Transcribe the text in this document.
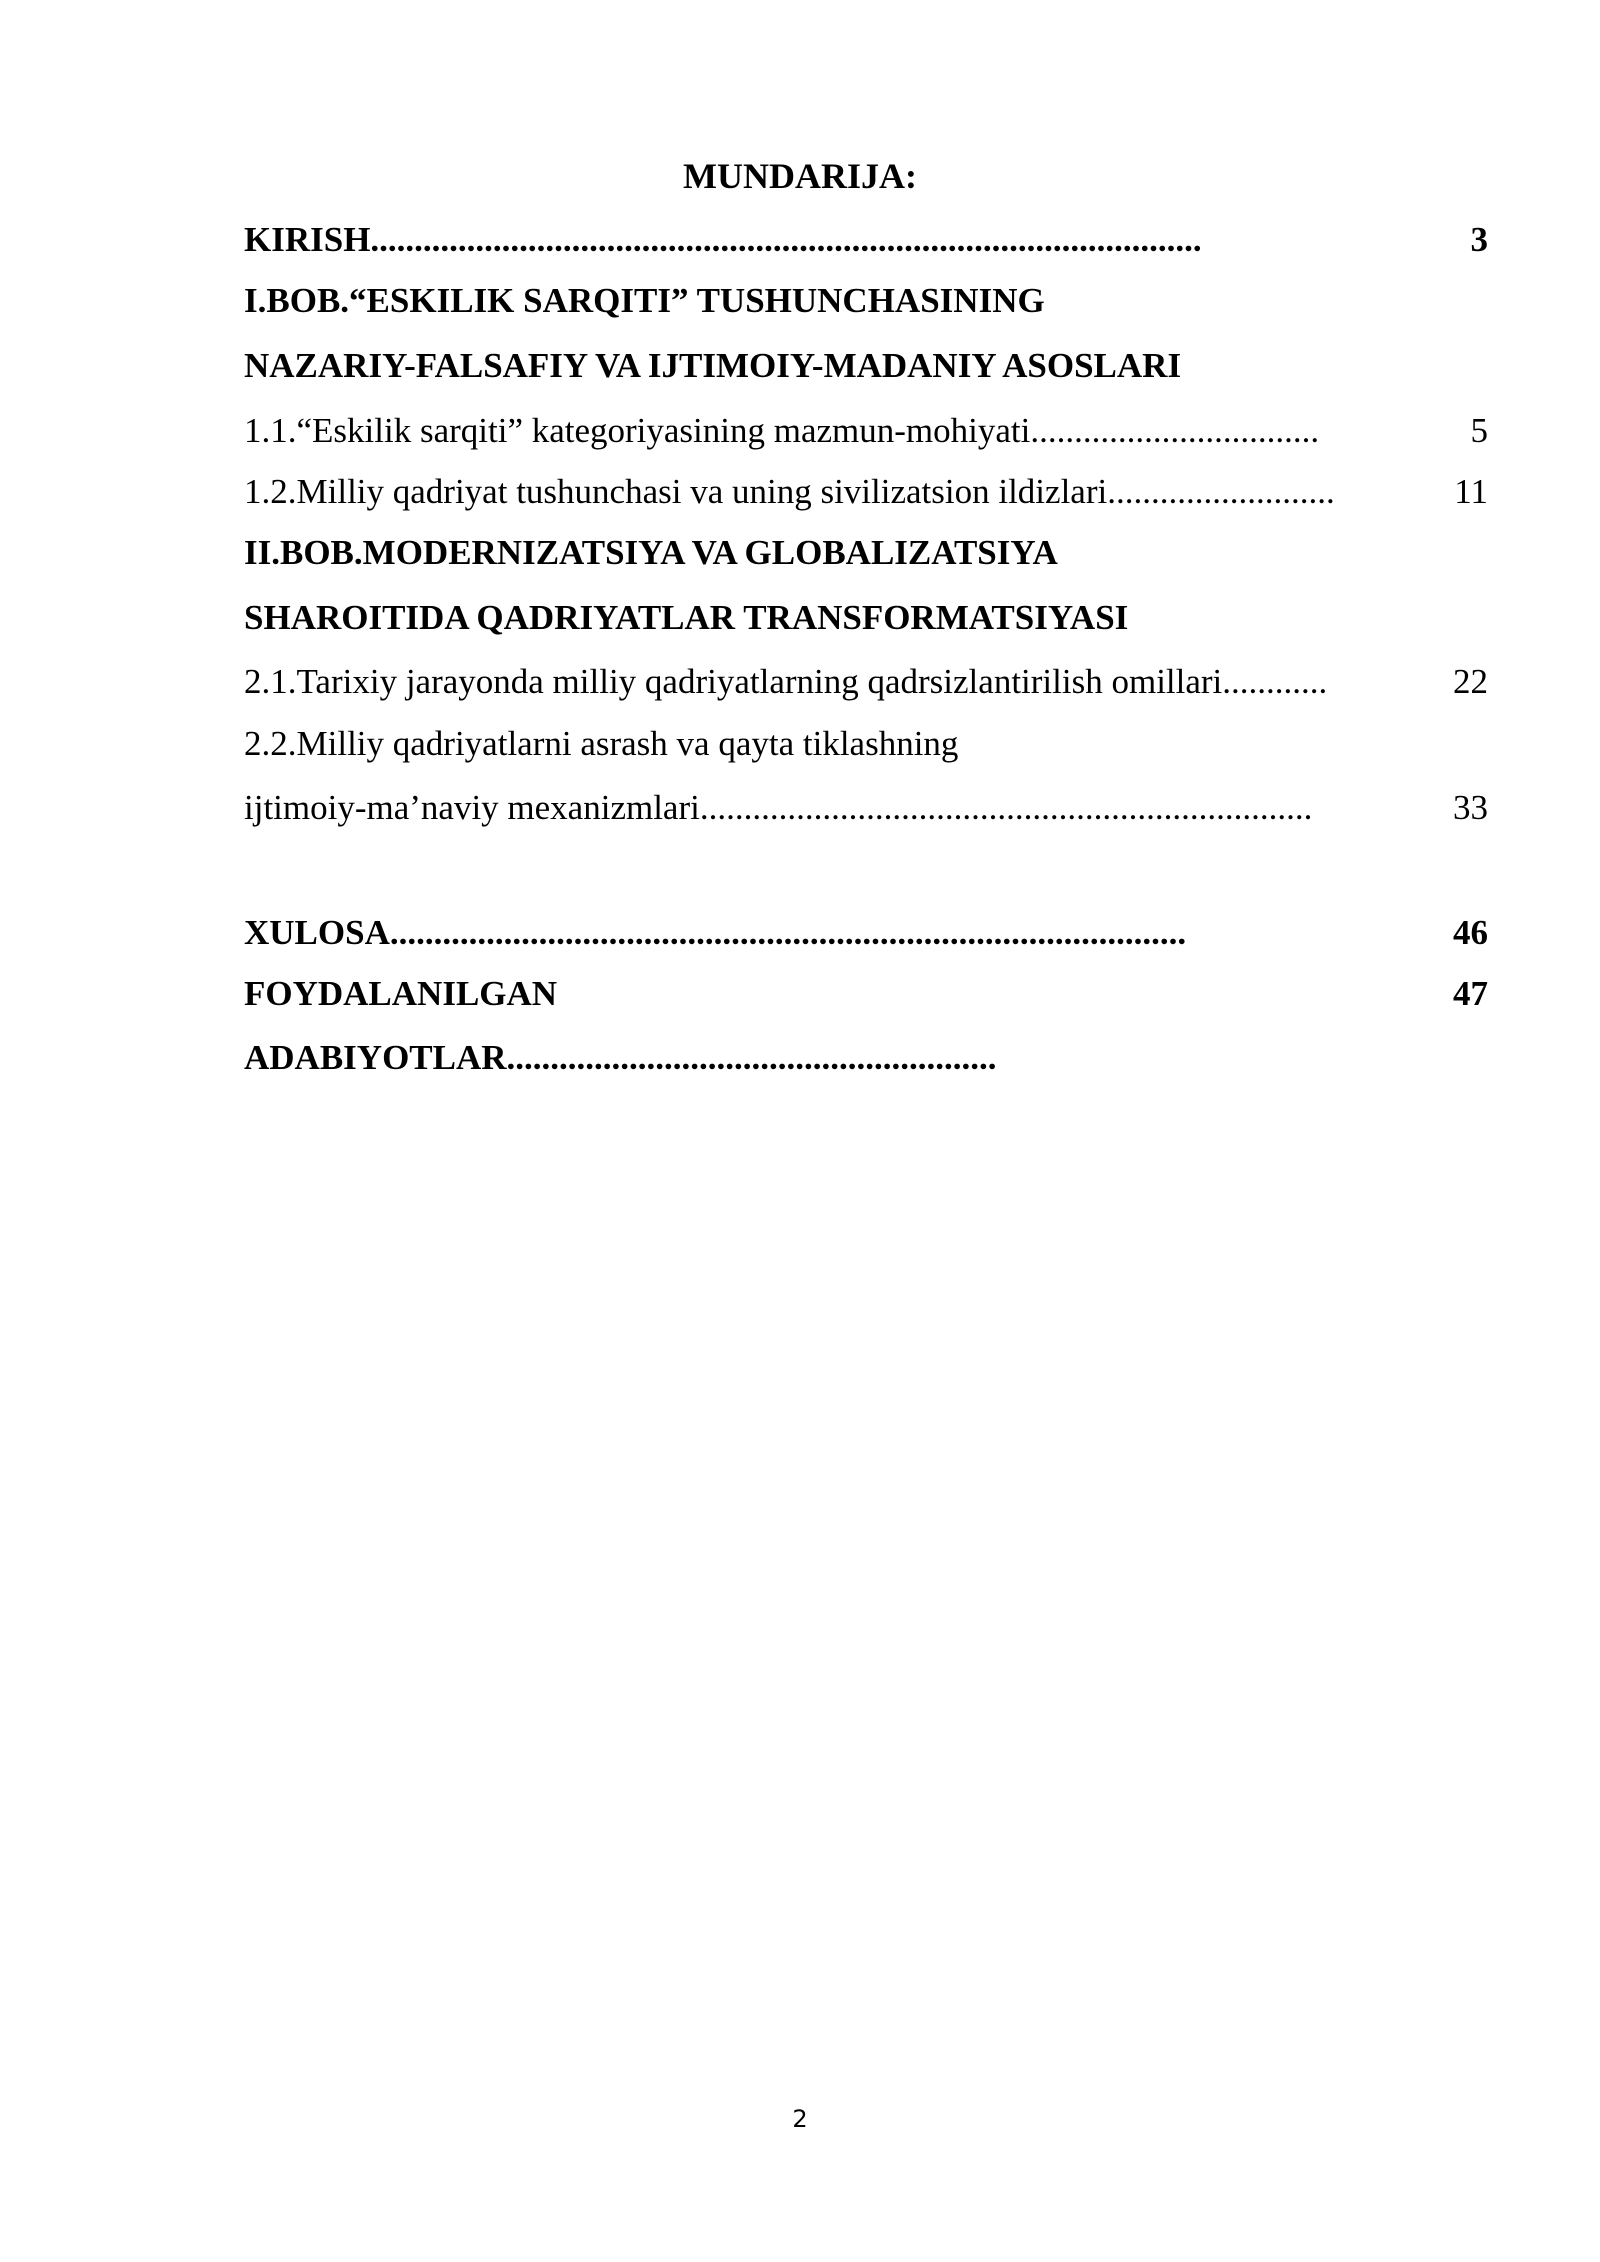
MUNDARIJA:
KIRISH...............................................................................................	3
I.BOB.“ESKILIK SARQITI” TUSHUNCHASINING
NAZARIY-FALSAFIY VA IJTIMOIY-MADANIY ASOSLARI
1.1.“Eskilik sarqiti” kategoriyasining mazmun-mohiyati.................................	5
1.2.Milliy qadriyat tushunchasi va uning sivilizatsion ildizlari..........................	11
II.BOB.MODERNIZATSIYA VA GLOBALIZATSIYA
SHAROITIDA QADRIYATLAR TRANSFORMATSIYASI
2.1.Tarixiy jarayonda milliy qadriyatlarning qadrsizlantirilish omillari............	22
2.2.Milliy qadriyatlarni asrash va qayta tiklashning
ijtimoiy-ma’naviy mexanizmlari......................................................................	33
XULOSA...........................................................................................	46
FOYDALANILGAN	47
ADABIYOTLAR........................................................
2
